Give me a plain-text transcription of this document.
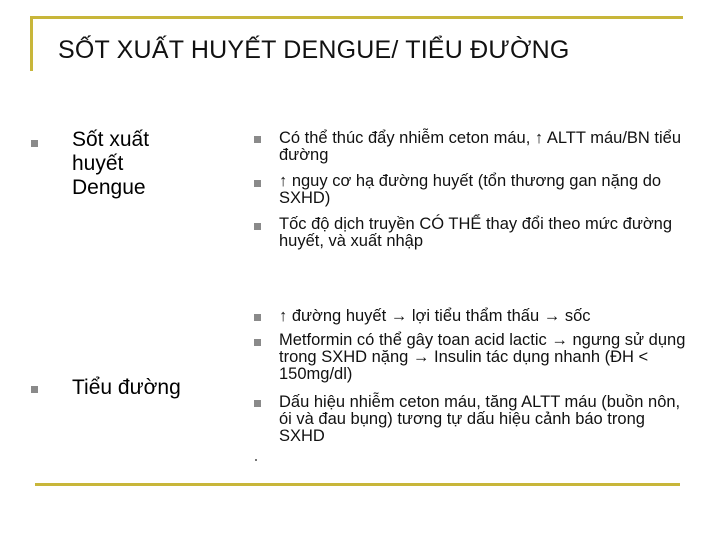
SỐT XUẤT HUYẾT DENGUE/ TIỂU ĐƯỜNG
Sốt xuất huyết Dengue
Tiểu đường
Có thể thúc đẩy nhiễm ceton máu, ↑ ALTT máu/BN tiểu đường
↑ nguy cơ hạ đường huyết (tổn thương gan nặng do SXHD)
Tốc độ dịch truyền CÓ THỂ thay đổi theo mức đường huyết, và xuất nhập
↑ đường huyết → lợi tiểu thẩm thấu → sốc
Metformin có thể gây toan acid lactic → ngưng sử dụng trong SXHD nặng → Insulin tác dụng nhanh (ĐH < 150mg/dl)
Dấu hiệu nhiễm ceton máu, tăng ALTT máu (buồn nôn, ói và đau bụng) tương tự dấu hiệu cảnh báo trong SXHD
